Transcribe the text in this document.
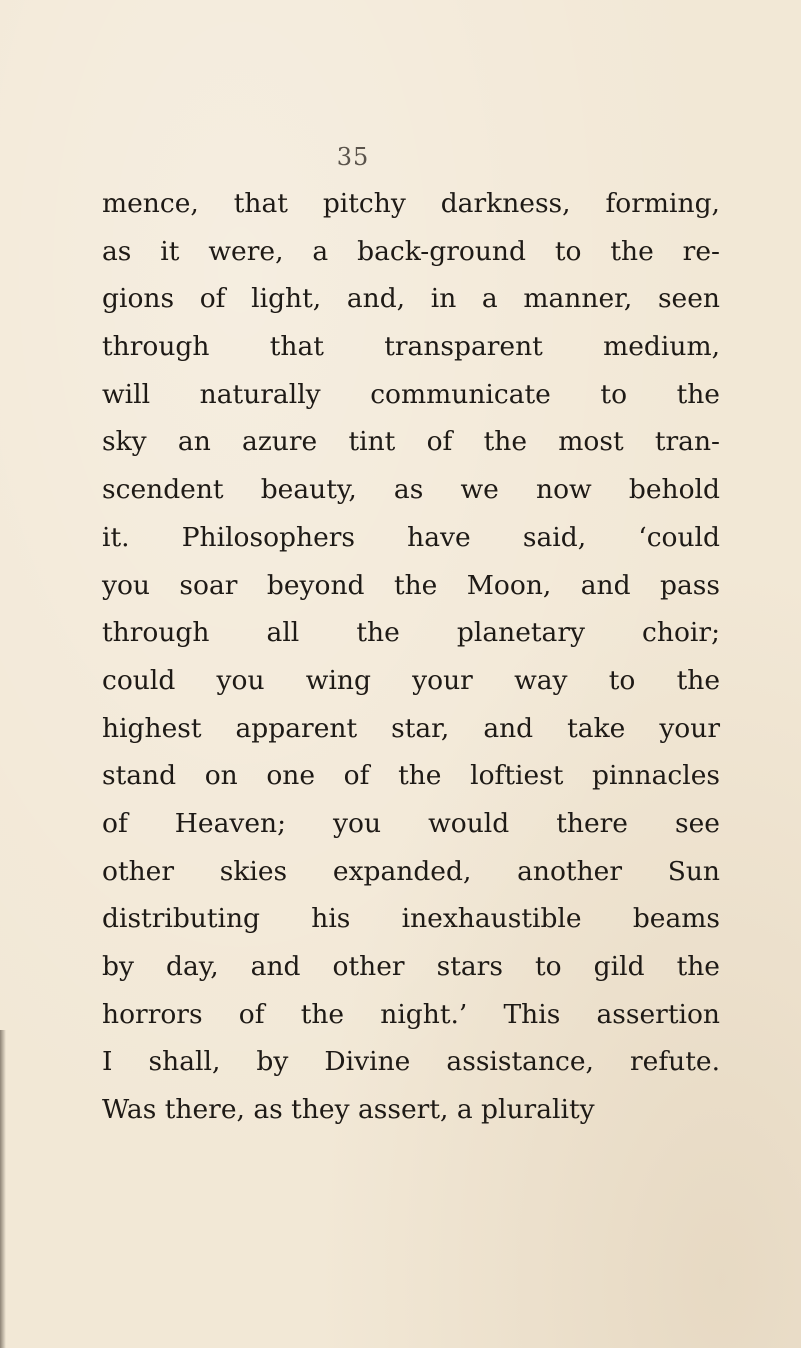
35
mence, that pitchy darkness, forming,
as it were, a back-ground to the re-
gions of light, and, in a manner, seen
through that transparent medium,
will naturally communicate to the
sky an azure tint of the most tran-
scendent beauty, as we now behold
it. Philosophers have said, ‘could
you soar beyond the Moon, and pass
through all the planetary choir;
could you wing your way to the
highest apparent star, and take your
stand on one of the loftiest pinnacles
of Heaven; you would there see
other skies expanded, another Sun
distributing his inexhaustible beams
by day, and other stars to gild the
horrors of the night.’ This assertion
I shall, by Divine assistance, refute.
Was there, as they assert, a plurality
